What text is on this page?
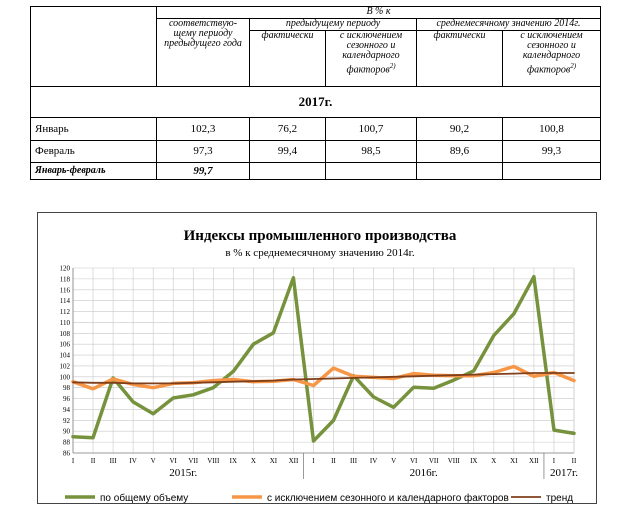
	В % к				
	соответствую-щему периоду предыдущего года	предыдущему периоду		среднемесячному значению 2014г.	
		фактически	с исключением сезонного и календарного факторов$^{2)}$	фактически	с исключением сезонного и календарного факторов$^{2)}$
2017г.					
Январь	102,3	76,2	100,7	90,2	100,8
Февраль	97,3	99,4	98,5	89,6	99,3
Январь-февраль	99,7				
Индексы промышленного производства
в % к среднемесячному значению 2014г.
86
88
90
92
94
96
98
100
102
104
106
108
110
112
114
116
118
120
I II III IV V VI VII VIII IX X XI XII I II III IV V VI VII VIII IX X XI XII I II
2015г.	2016г.	2017г.
по общему объему	с исключением сезонного и календарного факторов	тренд
